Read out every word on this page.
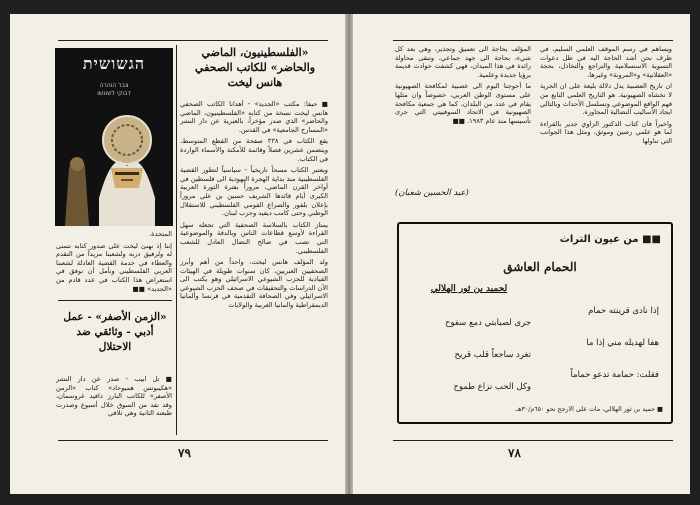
הגשושית
צבר הוהרה
דבוקי לשונשו
«الفلسطينيون، الماضي
والحاضر» للكاتب الصحفي
هانس ليخت

■ حيفا: مكتب «الجديد» - أهدانا الكاتب الصحفي هانس ليخت نسخة من كتابه «الفلسطينيون، الماضي والحاضر» الذي صدر مؤخراً، بالعبرية عن دار النشر «المسارح الجامعية» في القدس.

يقع الكتاب في ٣٣٨ صفحة من القطع المتوسط، ويتضمن عشرين فصلاً وقائمة للأمكنة والأسماء الواردة في الكتاب.

ويعتبر الكتاب مسحاً تاريخياً - سياسياً لتطور القضية الفلسطينية منذ بداية الهجرة اليهودية الى فلسطين في أواخر القرن الماضي، مروراً بفترة الثورة العربية الكبرى أيام قائدها الشريف حسين بن علي مروراً بإعلان بلفور والصراع القومي الفلسطيني للاستقلال الوطني وحتى كامب ديفيد وحرب لبنان.

يمتاز الكتاب بالسلاسة الصحفية التي تجعله سهل القراءة لأوسع قطاعات الناس وبالدقة والموضوعية التي تصب في صالح النضال العادل للشعب الفلسطيني.

ولد المؤلف هانس ليخت، واحداً من أهم وأبرز الصحفيين العبريين، كان سنوات طويلة في الهيئات القيادية للحزب الشيوعي الاسرائيلي وهو يكتب الى الآن الدراسات والتحقيقات في صحف الحزب الشيوعي الاسرائيلي وفي الصحافة التقدمية في فرنسا وألمانيا الديمقراطية والمانيا الغربية والولايات

المتحدة.

إننا إذ نهنئ ليخت على صدور كتابه نتمنى له ولرفيق دربه ولشعبنا مزيداً من التقدم والعطاء في خدمة القضية العادلة لشعبنا العربي الفلسطيني ونأمل أن نوفق في استعراض هذا الكتاب في عدد قادم من «الجديد» ■■

«الزمن الأصفر» - عمل
أدبي - وثائقي ضد
الاحتلال

■ تل ابيب - صدر عن دار النشر «هكيبوتس هميوحاد» كتاب «الزمن الأصفر» للكاتب البارز دافيد غروسمان، وقد نفد من السوق خلال أسبوع وصدرت طبعته الثانية وهي تلاقي

٧٩

ويساهم في رسم الموقف العلمي السليم، في ظرف نحن أشد الحاجة اليه في ظل دعوات التسوية الاستسلامية والتراجع والتخاذل، بحجة «العقلانية» و«المرونة» وغيرها.

ان تاريخ العصبية يدل دلالة بليغة على ان الحرية لا تخشاه الصهيونية. هو التاريخ العلمي التابع من فهم الواقع الموضوعي وتسلسل الأحداث وبالتالي ايجاد الأساليب النضالية المجاورة.

واخيراً فان كتاب الدكتور الزاوي جدير بالقراءة لما هو علمي رصين وموثق، ومثل هذا الجوانب التي تناولها

المؤلف بحاجة الى تعميق وتجذير، وهي بعد كل شيء، بحاجة الى جهد جماعي، وتبقى محاولة رائدة في هذا الميدان، فهي كشفت حوادث قديمة برؤيا جديدة وعلمية.

ما أحوجنا اليوم الى عصبية لمكافحة الصهيونية على مستوى الوطن العربي، خصوصاً وان مثلها يقام في عدد من البلدان، كما هي جمعية مكافحة الصهيونية في الاتحاد السوفييتي التي جرى تأسيسها منذ عام ١٩٨٣. ■■

(عبد الحسين شعبان)
■■ من عيون التراث
الحمام العاشق
لحميد بن ثور الهلالي
إذا نادى قرينته حمام
جرى لصبابتي دمع سفوح
هفا لهديله مني إذا ما
تغرد ساجعاً قلب قريح
فقلت: حمامة تدعو حماماً
وكل الحب نزاع طموح
■ حميد بن ثور الهلالي، مات على الارجح نحو ٦٥٠م/٣٠هـ.
٧٨
